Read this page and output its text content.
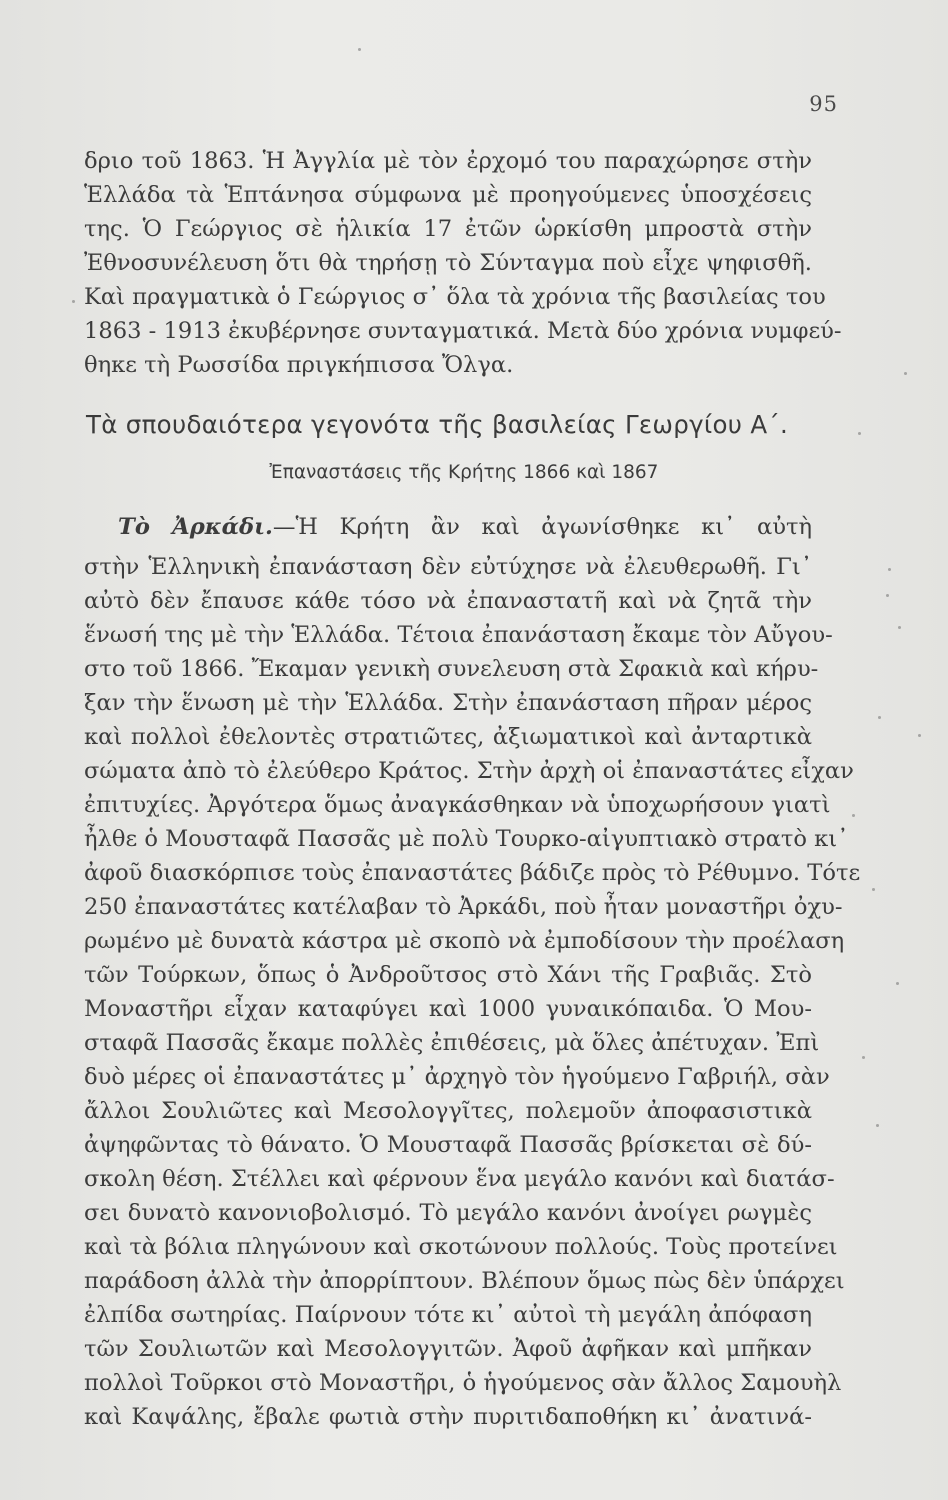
95
δριο τοῦ 1863. Ἡ Ἀγγλία μὲ τὸν ἐρχομό του παραχώρησε στὴν
Ἑλλάδα τὰ Ἑπτάνησα σύμφωνα μὲ προηγούμενες ὑποσχέσεις
της. Ὁ Γεώργιος σὲ ἡλικία 17 ἐτῶν ὡρκίσθη μπροστὰ στὴν
Ἐθνοσυνέλευση ὅτι θὰ τηρήσῃ τὸ Σύνταγμα ποὺ εἶχε ψηφισθῆ.
Καὶ πραγματικὰ ὁ Γεώργιος σ᾽ ὅλα τὰ χρόνια τῆς βασιλείας του
1863 - 1913 ἐκυβέρνησε συνταγματικά. Μετὰ δύο χρόνια νυμφεύ-
θηκε τὴ Ρωσσίδα πριγκήπισσα Ὄλγα.
Τὰ σπουδαιότερα γεγονότα τῆς βασιλείας Γεωργίου Α΄.
Ἐπαναστάσεις τῆς Κρήτης 1866 καὶ 1867
Τὸ Ἀρκάδι.—Ἡ Κρήτη ἂν καὶ ἀγωνίσθηκε κι᾽ αὐτὴ
στὴν Ἑλληνικὴ ἐπανάσταση δὲν εὐτύχησε νὰ ἐλευθερωθῆ. Γι᾽
αὐτὸ δὲν ἔπαυσε κάθε τόσο νὰ ἐπαναστατῆ καὶ νὰ ζητᾶ τὴν
ἕνωσή της μὲ τὴν Ἑλλάδα. Τέτοια ἐπανάσταση ἔκαμε τὸν Αὔγου-
στο τοῦ 1866. Ἔκαμαν γενικὴ συνελευση στὰ Σφακιὰ καὶ κήρυ-
ξαν τὴν ἕνωση μὲ τὴν Ἑλλάδα. Στὴν ἐπανάσταση πῆραν μέρος
καὶ πολλοὶ ἐθελοντὲς στρατιῶτες, ἀξιωματικοὶ καὶ ἀνταρτικὰ
σώματα ἀπὸ τὸ ἐλεύθερο Κράτος. Στὴν ἀρχὴ οἱ ἐπαναστάτες εἶχαν
ἐπιτυχίες. Ἀργότερα ὅμως ἀναγκάσθηκαν νὰ ὑποχωρήσουν γιατὶ
ἦλθε ὁ Μουσταφᾶ Πασσᾶς μὲ πολὺ Τουρκο-αἰγυπτιακὸ στρατὸ κι᾽
ἀφοῦ διασκόρπισε τοὺς ἐπαναστάτες βάδιζε πρὸς τὸ Ρέθυμνο. Τότε
250 ἐπαναστάτες κατέλαβαν τὸ Ἀρκάδι, ποὺ ἦταν μοναστῆρι ὀχυ-
ρωμένο μὲ δυνατὰ κάστρα μὲ σκοπὸ νὰ ἐμποδίσουν τὴν προέλαση
τῶν Τούρκων, ὅπως ὁ Ἀνδροῦτσος στὸ Χάνι τῆς Γραβιᾶς. Στὸ
Μοναστῆρι εἶχαν καταφύγει καὶ 1000 γυναικόπαιδα. Ὁ Μου-
σταφᾶ Πασσᾶς ἔκαμε πολλὲς ἐπιθέσεις, μὰ ὅλες ἀπέτυχαν. Ἐπὶ
δυὸ μέρες οἱ ἐπαναστάτες μ᾽ ἀρχηγὸ τὸν ἡγούμενο Γαβριήλ, σὰν
ἄλλοι Σουλιῶτες καὶ Μεσολογγῖτες, πολεμοῦν ἀποφασιστικὰ
ἀψηφῶντας τὸ θάνατο. Ὁ Μουσταφᾶ Πασσᾶς βρίσκεται σὲ δύ-
σκολη θέση. Στέλλει καὶ φέρνουν ἕνα μεγάλο κανόνι καὶ διατάσ-
σει δυνατὸ κανονιοβολισμό. Τὸ μεγάλο κανόνι ἀνοίγει ρωγμὲς
καὶ τὰ βόλια πληγώνουν καὶ σκοτώνουν πολλούς. Τοὺς προτείνει
παράδοση ἀλλὰ τὴν ἀπορρίπτουν. Βλέπουν ὅμως πὼς δὲν ὑπάρχει
ἐλπίδα σωτηρίας. Παίρνουν τότε κι᾽ αὐτοὶ τὴ μεγάλη ἀπόφαση
τῶν Σουλιωτῶν καὶ Μεσολογγιτῶν. Ἀφοῦ ἀφῆκαν καὶ μπῆκαν
πολλοὶ Τοῦρκοι στὸ Μοναστῆρι, ὁ ἡγούμενος σὰν ἄλλος Σαμουὴλ
καὶ Καψάλης, ἔβαλε φωτιὰ στὴν πυριτιδαποθήκη κι᾽ ἀνατινά-
